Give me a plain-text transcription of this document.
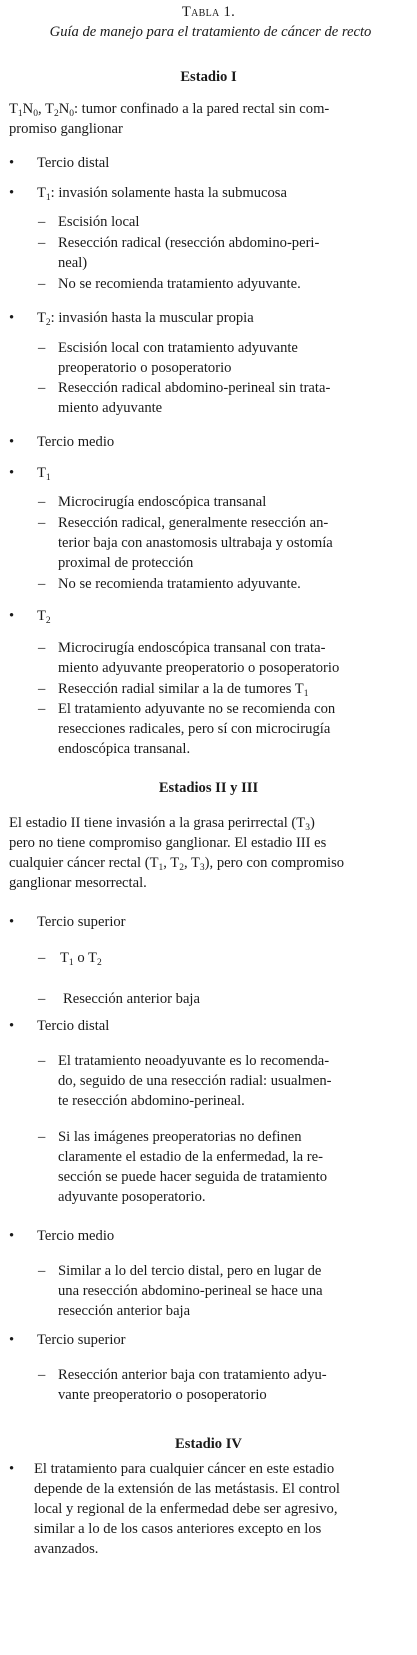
Tabla 1.
Guía de manejo para el tratamiento de cáncer de recto
Estadio I
$T_1N_0$, $T_2N_0$: tumor confinado a la pared rectal sin com-
promiso ganglionar
•	Tercio distal
•	$T_1$: invasión solamente hasta la submucosa
– Escisión local
– Resección radical (resección abdomino-peri-
neal)
– No se recomienda tratamiento adyuvante.
•	$T_2$: invasión hasta la muscular propia
– Escisión local con tratamiento adyuvante
preoperatorio o posoperatorio
– Resección radical abdomino-perineal sin trata-
miento adyuvante
•	Tercio medio
•	$T_1$
– Microcirugía endoscópica transanal
– Resección radical, generalmente resección an-
terior baja con anastomosis ultrabaja y ostomía
proximal de protección
– No se recomienda tratamiento adyuvante.
•	$T_2$
– Microcirugía endoscópica transanal con trata-
miento adyuvante preoperatorio o posoperatorio
– Resección radial similar a la de tumores $T_1$
– El tratamiento adyuvante no se recomienda con
resecciones radicales, pero sí con microcirugía
endoscópica transanal.
Estadios II y III
El estadio II tiene invasión a la grasa perirrectal $(T_3)$
pero no tiene compromiso ganglionar. El estadio III es
cualquier cáncer rectal ($T_1$, $T_2$, $T_3$), pero con compromiso
ganglionar mesorrectal.
•	Tercio superior
–	$T_1$ o $T_2$
–	Resección anterior baja
•	Tercio distal
– El tratamiento neoadyuvante es lo recomenda-
do, seguido de una resección radial: usualmen-
te resección abdomino-perineal.
– Si las imágenes preoperatorias no definen
claramente el estadio de la enfermedad, la re-
sección se puede hacer seguida de tratamiento
adyuvante posoperatorio.
•	Tercio medio
– Similar a lo del tercio distal, pero en lugar de
una resección abdomino-perineal se hace una
resección anterior baja
•	Tercio superior
– Resección anterior baja con tratamiento adyu-
vante preoperatorio o posoperatorio
Estadio IV
•	El tratamiento para cualquier cáncer en este estadio
depende de la extensión de las metástasis. El control
local y regional de la enfermedad debe ser agresivo,
similar a lo de los casos anteriores excepto en los
avanzados.
